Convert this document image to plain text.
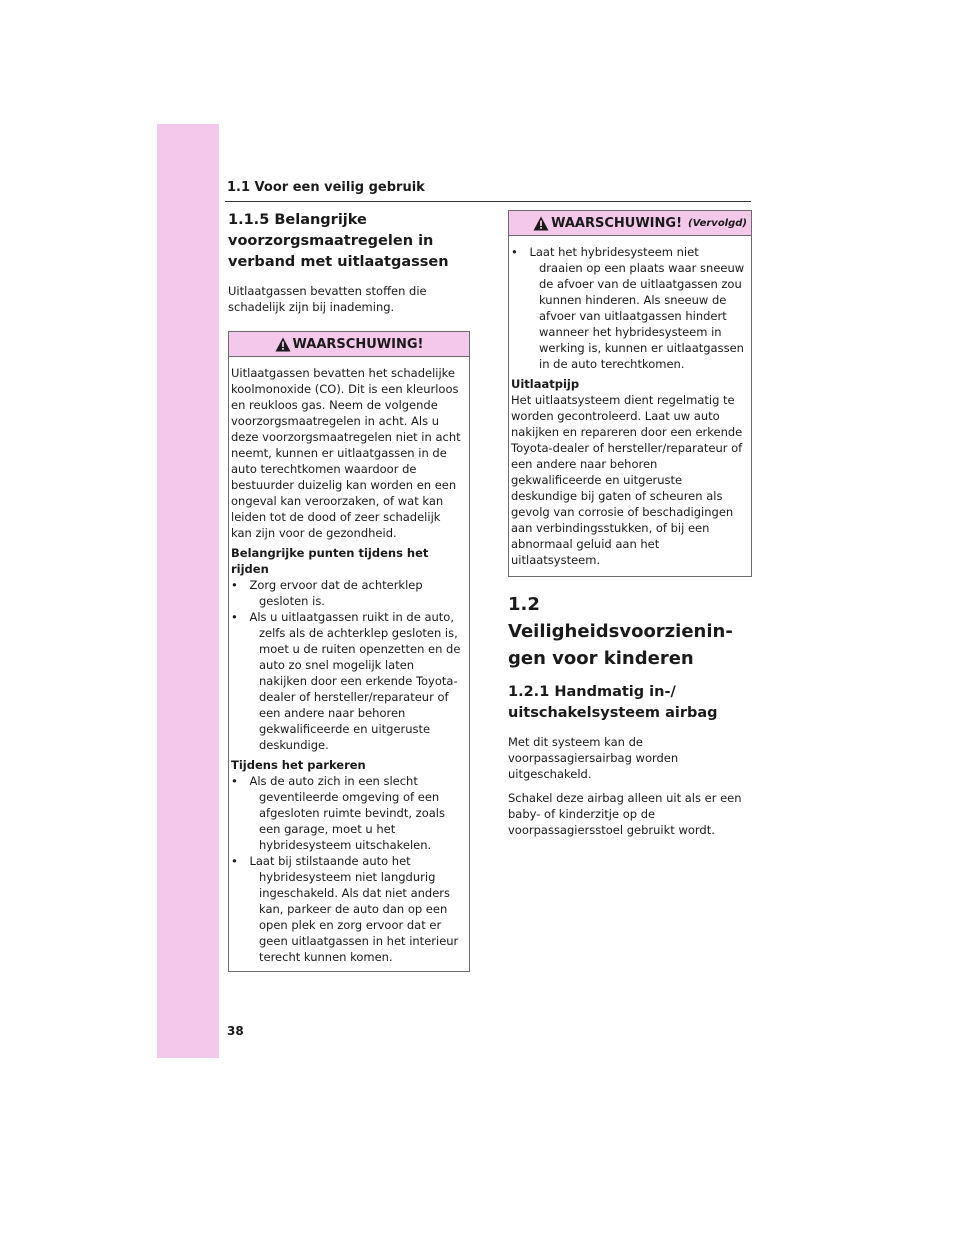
1.1 Voor een veilig gebruik
1.1.5 Belangrijke voorzorgsmaatregelen in verband met uitlaatgassen
Uitlaatgassen bevatten stoffen die schadelijk zijn bij inademing.
WAARSCHUWING!
Uitlaatgassen bevatten het schadelijke koolmonoxide (CO). Dit is een kleurloos en reukloos gas. Neem de volgende voorzorgsmaatregelen in acht. Als u deze voorzorgsmaatregelen niet in acht neemt, kunnen er uitlaatgassen in de auto terechtkomen waardoor de bestuurder duizelig kan worden en een ongeval kan veroorzaken, of wat kan leiden tot de dood of zeer schadelijk kan zijn voor de gezondheid.
Belangrijke punten tijdens het rijden
• Zorg ervoor dat de achterklep gesloten is.
• Als u uitlaatgassen ruikt in de auto, zelfs als de achterklep gesloten is, moet u de ruiten openzetten en de auto zo snel mogelijk laten nakijken door een erkende Toyota-dealer of hersteller/reparateur of een andere naar behoren gekwalificeerde en uitgeruste deskundige.
Tijdens het parkeren
• Als de auto zich in een slecht geventileerde omgeving of een afgesloten ruimte bevindt, zoals een garage, moet u het hybridesysteem uitschakelen.
• Laat bij stilstaande auto het hybridesysteem niet langdurig ingeschakeld. Als dat niet anders kan, parkeer de auto dan op een open plek en zorg ervoor dat er geen uitlaatgassen in het interieur terecht kunnen komen.
WAARSCHUWING! (Vervolgd)
• Laat het hybridesysteem niet draaien op een plaats waar sneeuw de afvoer van de uitlaatgassen zou kunnen hinderen. Als sneeuw de afvoer van uitlaatgassen hindert wanneer het hybridesysteem in werking is, kunnen er uitlaatgassen in de auto terechtkomen.
Uitlaatpijp
Het uitlaatsysteem dient regelmatig te worden gecontroleerd. Laat uw auto nakijken en repareren door een erkende Toyota-dealer of hersteller/reparateur of een andere naar behoren gekwalificeerde en uitgeruste deskundige bij gaten of scheuren als gevolg van corrosie of beschadigingen aan verbindingsstukken, of bij een abnormaal geluid aan het uitlaatsysteem.
1.2 Veiligheidsvoorzienin-gen voor kinderen
1.2.1 Handmatig in-/ uitschakelsysteem airbag
Met dit systeem kan de voorpassagiersairbag worden uitgeschakeld.
Schakel deze airbag alleen uit als er een baby- of kinderzitje op de voorpassagiersstoel gebruikt wordt.
38
